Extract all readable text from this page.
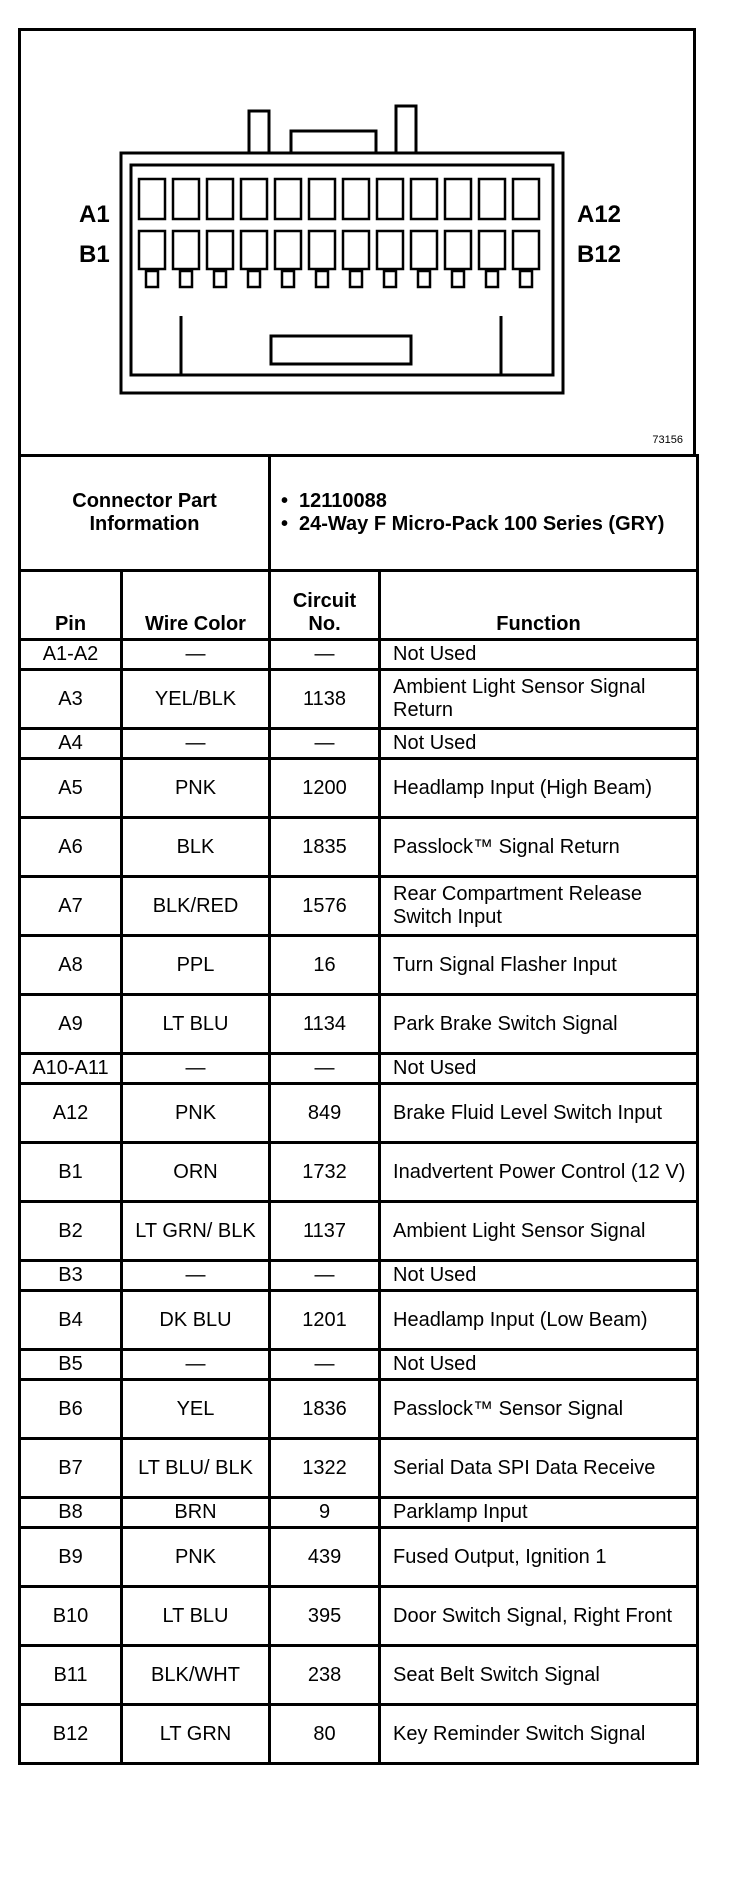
A1
B1
A12
B12
73156
Connector Part Information		• 12110088
• 24-Way F Micro-Pack 100 Series (GRY)

Pin	Wire Color	Circuit No.	Function
A1-A2	—	—	Not Used
A3	YEL/BLK	1138	Ambient Light Sensor Signal Return
A4	—	—	Not Used
A5	PNK	1200	Headlamp Input (High Beam)
A6	BLK	1835	Passlock™ Signal Return
A7	BLK/RED	1576	Rear Compartment Release Switch Input
A8	PPL	16	Turn Signal Flasher Input
A9	LT BLU	1134	Park Brake Switch Signal
A10-A11	—	—	Not Used
A12	PNK	849	Brake Fluid Level Switch Input
B1	ORN	1732	Inadvertent Power Control (12 V)
B2	LT GRN/ BLK	1137	Ambient Light Sensor Signal
B3	—	—	Not Used
B4	DK BLU	1201	Headlamp Input (Low Beam)
B5	—	—	Not Used
B6	YEL	1836	Passlock™ Sensor Signal
B7	LT BLU/ BLK	1322	Serial Data SPI Data Receive
B8	BRN	9	Parklamp Input
B9	PNK	439	Fused Output, Ignition 1
B10	LT BLU	395	Door Switch Signal, Right Front
B11	BLK/WHT	238	Seat Belt Switch Signal
B12	LT GRN	80	Key Reminder Switch Signal
